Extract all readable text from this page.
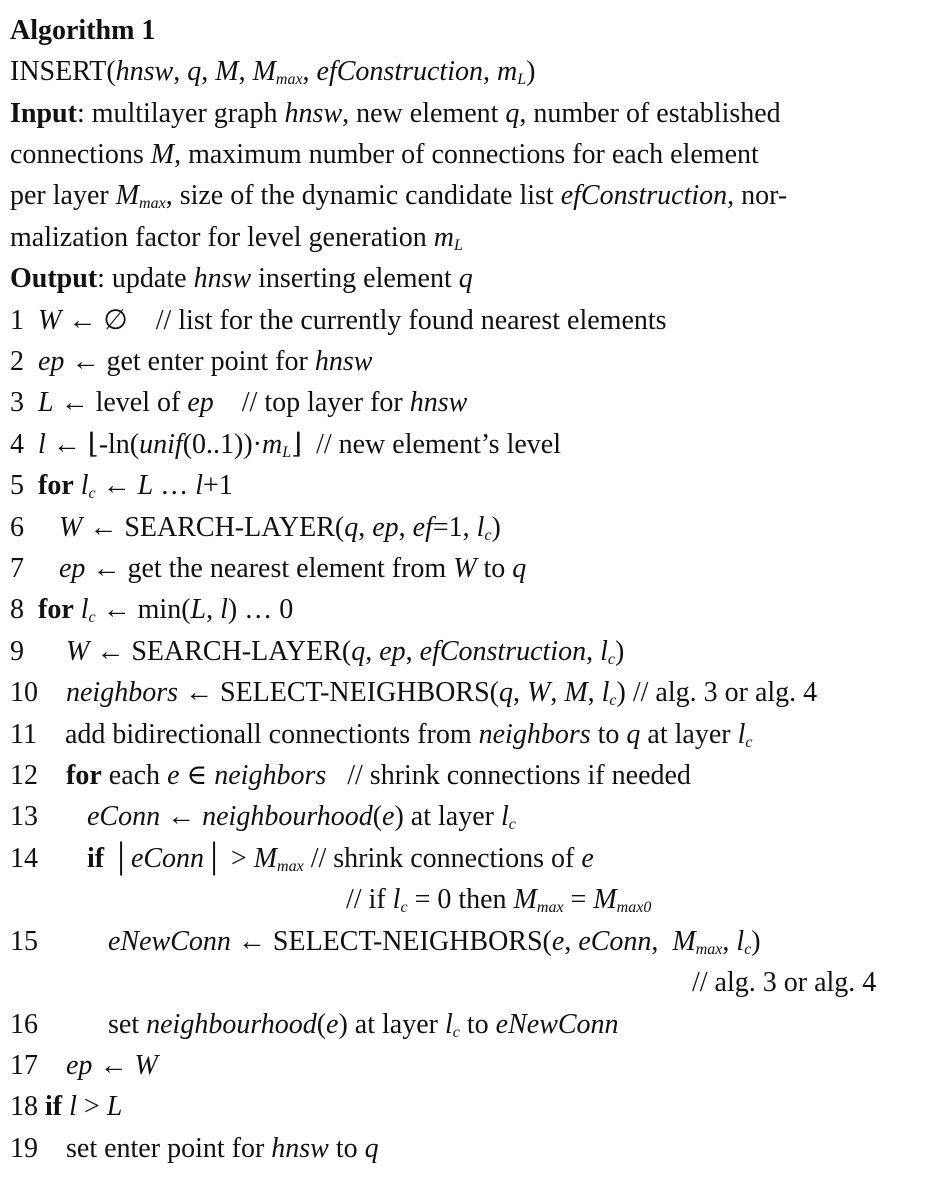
Algorithm 1
INSERT(hnsw, q, M, $M_{max}$, efConstruction, $m_L$)
Input: multilayer graph hnsw, new element q, number of established
connections M, maximum number of connections for each element
per layer $M_{max}$, size of the dynamic candidate list efConstruction, nor-
malization factor for level generation $m_L$
Output: update hnsw inserting element q
1  W ← ∅    // list for the currently found nearest elements
2  ep ← get enter point for hnsw
3  L ← level of ep    // top layer for hnsw
4  l ← $⌊-\ln(unif(0..1))\cdot m_L⌋$  // new element’s level
5  for $l_c$ ← L … l+1
6     W ← SEARCH-LAYER(q, ep, ef=1, $l_c$)
7     ep ← get the nearest element from W to q
8  for $l_c$ ← min(L, l) … 0
9      W ← SEARCH-LAYER(q, ep, efConstruction, $l_c$)
10    neighbors ← SELECT-NEIGHBORS(q, W, M, $l_c$) // alg. 3 or alg. 4
11    add bidirectionall connectionts from neighbors to q at layer $l_c$
12    for each e ∈ neighbors   // shrink connections if needed
13       eConn ← neighbourhood(e) at layer $l_c$
14       if │eConn│ > $M_{max}$ // shrink connections of e
// if $l_c = 0$ then $M_{max} = M_{max0}$
15          eNewConn ← SELECT-NEIGHBORS(e, eConn,  $M_{max}$, $l_c$)
// alg. 3 or alg. 4
16          set neighbourhood(e) at layer $l_c$ to eNewConn
17    ep ← W
18 if l > L
19    set enter point for hnsw to q
